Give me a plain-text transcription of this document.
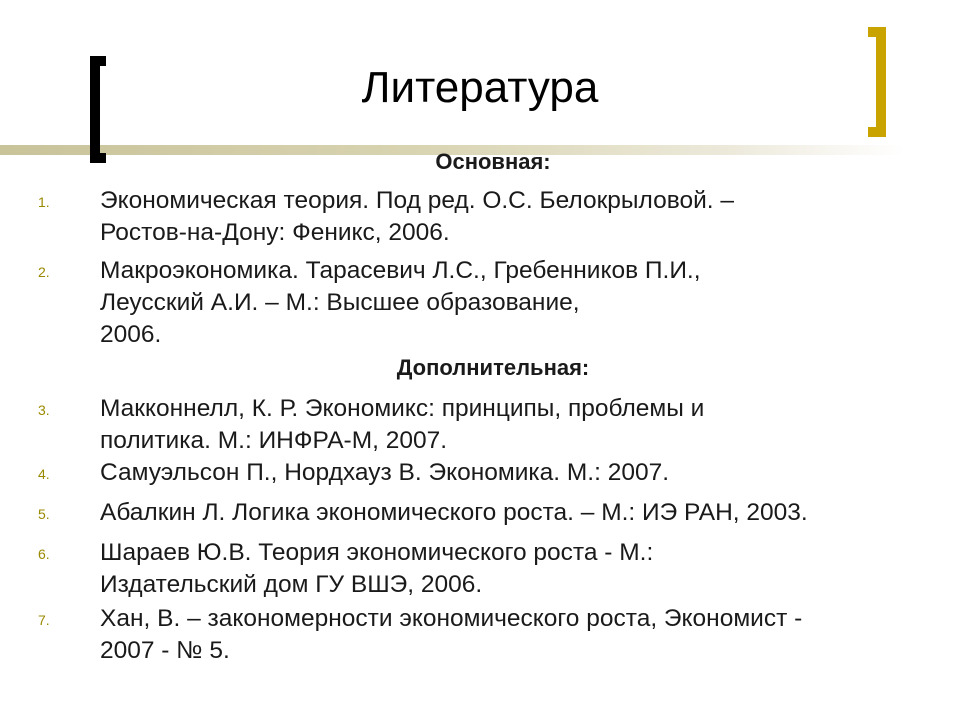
Литература
Основная:
1. Экономическая теория. Под ред. О.С. Белокрыловой. –
Ростов-на-Дону: Феникс, 2006.
2. Макроэкономика. Тарасевич Л.С., Гребенников П.И.,
Леусский А.И. – М.: Высшее образование,
2006.
Дополнительная:
3. Макконнелл, К. Р. Экономикс: принципы, проблемы и
политика. М.: ИНФРА-М, 2007.
4. Самуэльсон П., Нордхауз В. Экономика. М.: 2007.
5. Абалкин Л. Логика экономического роста. – М.: ИЭ РАН, 2003.
6. Шараев Ю.В. Теория экономического роста - М.:
Издательский дом ГУ ВШЭ, 2006.
7. Хан, В. – закономерности экономического роста, Экономист -
2007 - № 5.
